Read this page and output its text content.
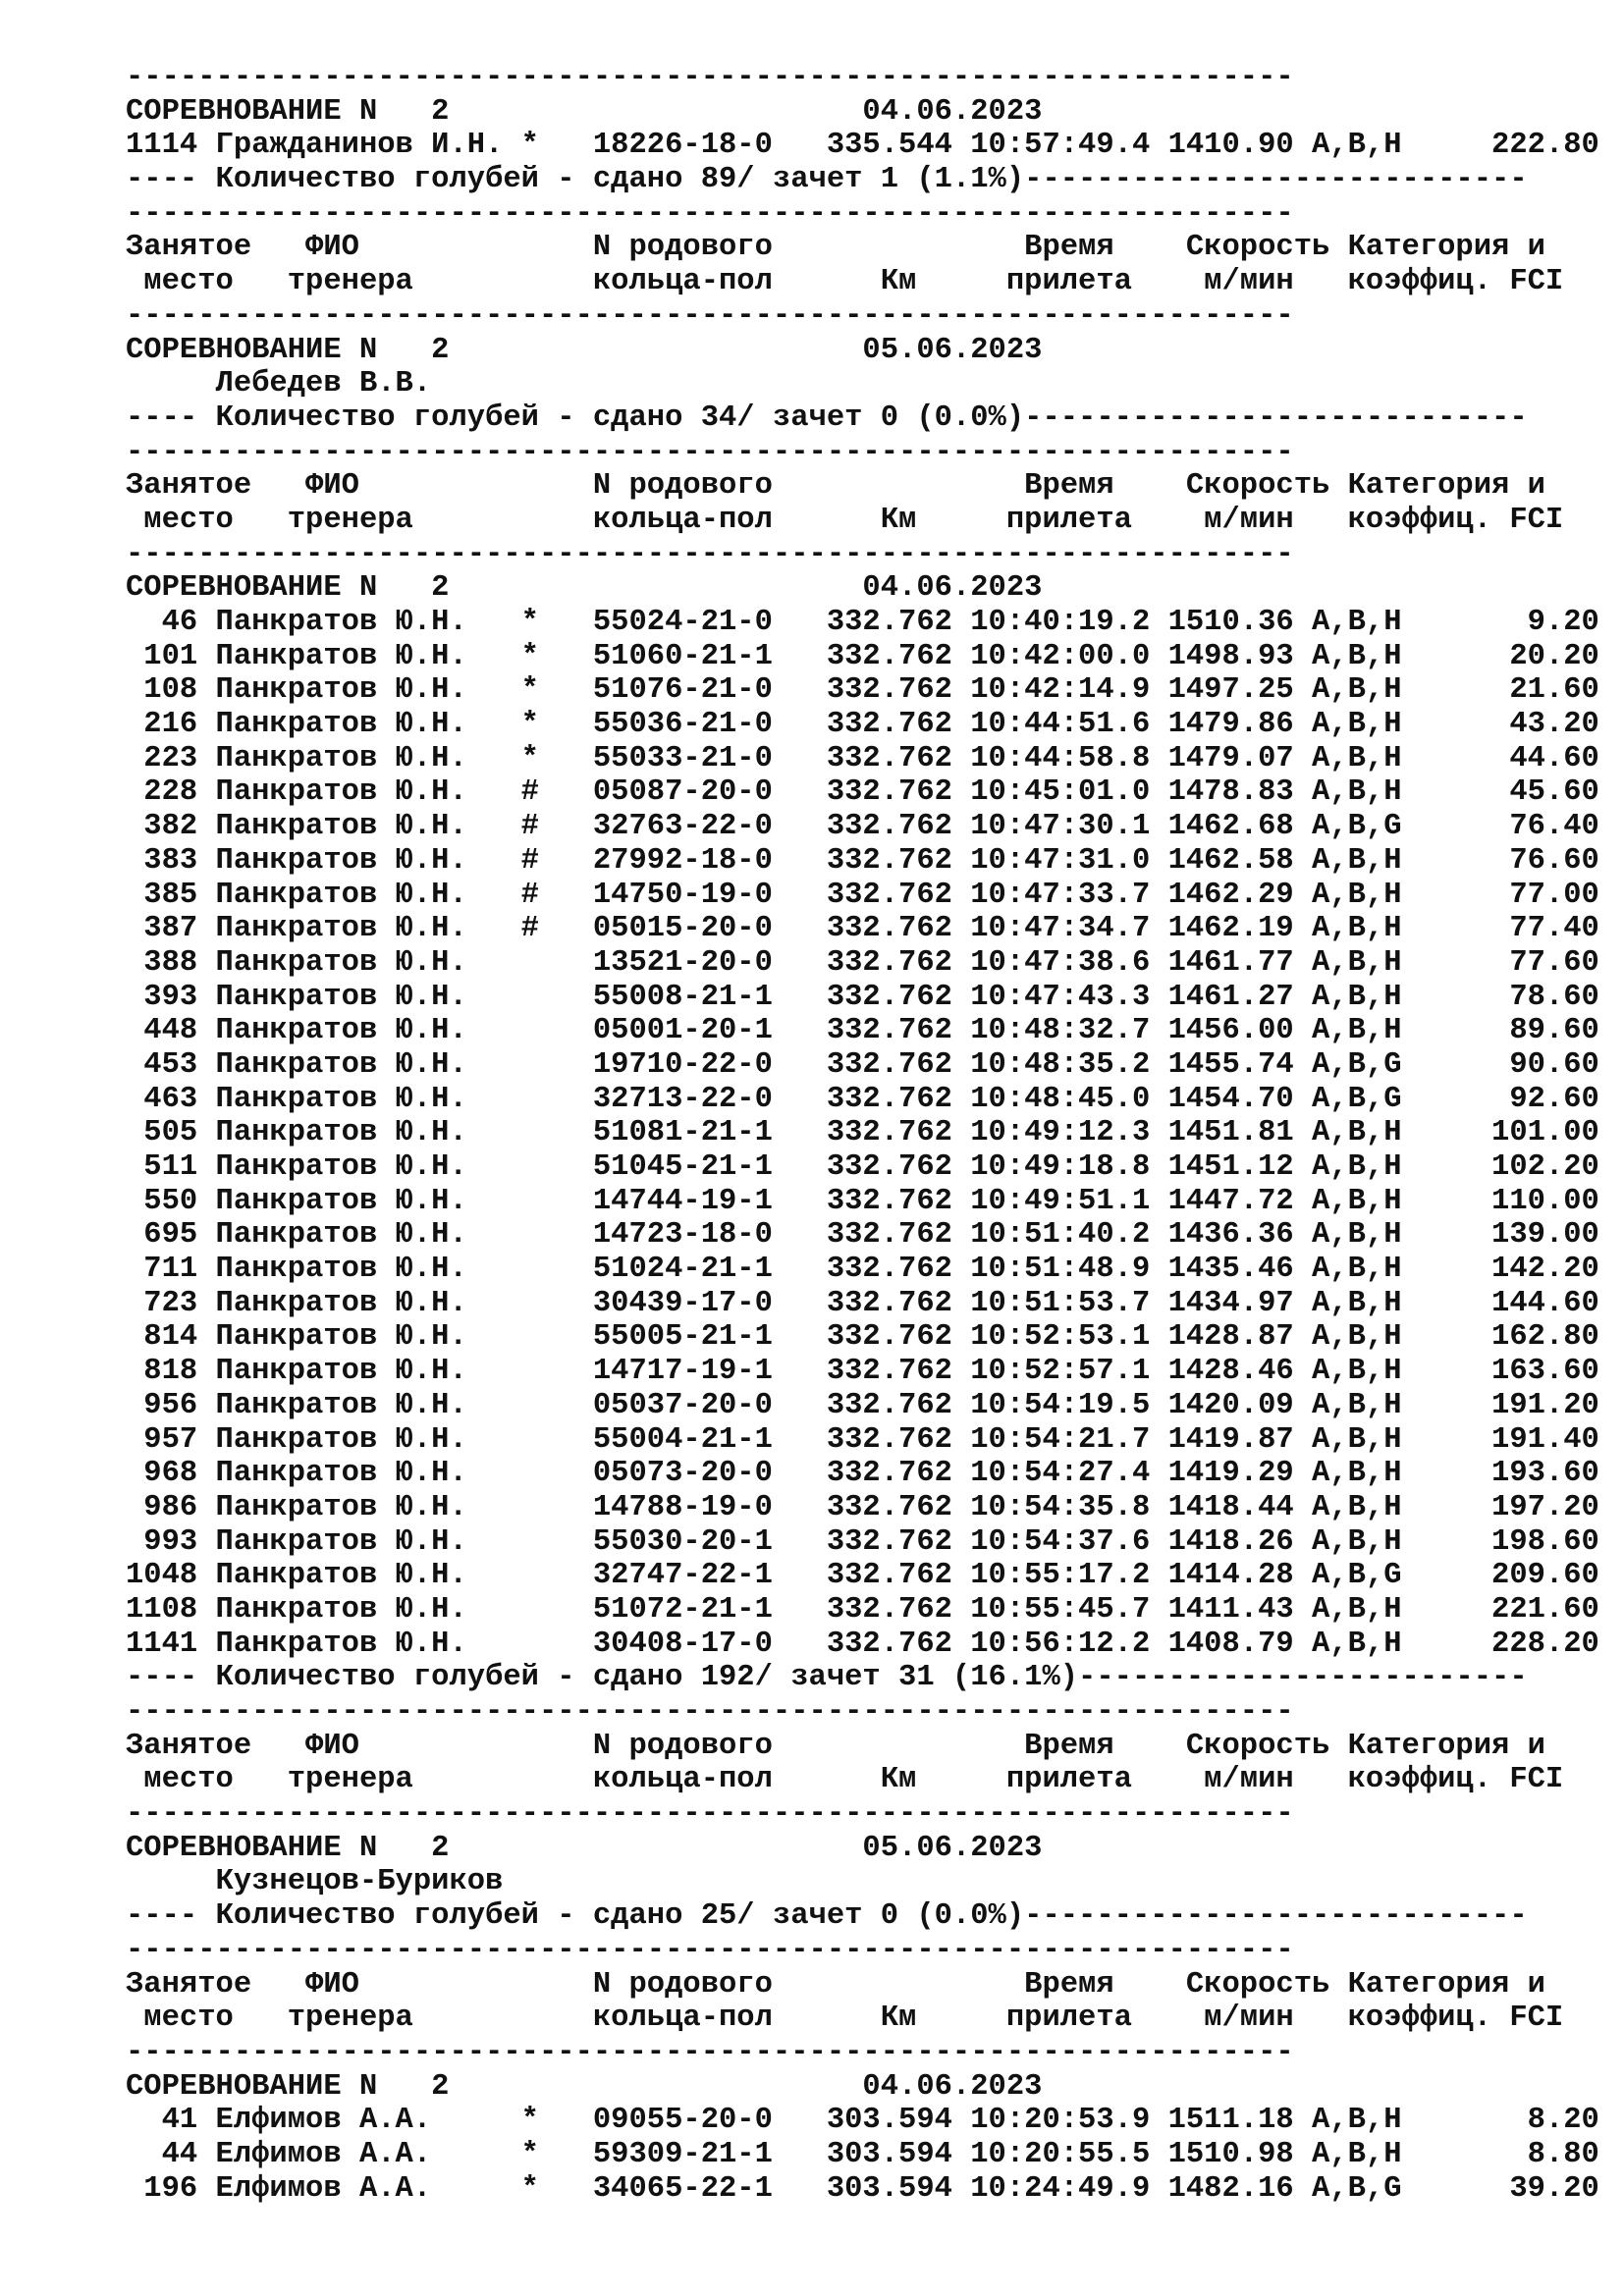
-----------------------------------------------------------------
СОРЕВНОВАНИЕ N   2                       04.06.2023
1114 Гражданинов И.Н. *   18226-18-0   335.544 10:57:49.4 1410.90 A,B,H     222.80
---- Количество голубей - сдано 89/ зачет 1 (1.1%)----------------------------
-----------------------------------------------------------------
Занятое   ФИО             N родового              Время    Скорость Категория и
место   тренера          кольца-пол      Км     прилета    м/мин   коэффиц. FCI
-----------------------------------------------------------------
СОРЕВНОВАНИЕ N   2                       05.06.2023
Лебедев В.В.
---- Количество голубей - сдано 34/ зачет 0 (0.0%)----------------------------
-----------------------------------------------------------------
Занятое   ФИО             N родового              Время    Скорость Категория и
место   тренера          кольца-пол      Км     прилета    м/мин   коэффиц. FCI
-----------------------------------------------------------------
СОРЕВНОВАНИЕ N   2                       04.06.2023
46 Панкратов Ю.Н.   *   55024-21-0   332.762 10:40:19.2 1510.36 A,B,H       9.20
101 Панкратов Ю.Н.   *   51060-21-1   332.762 10:42:00.0 1498.93 A,B,H      20.20
108 Панкратов Ю.Н.   *   51076-21-0   332.762 10:42:14.9 1497.25 A,B,H      21.60
216 Панкратов Ю.Н.   *   55036-21-0   332.762 10:44:51.6 1479.86 A,B,H      43.20
223 Панкратов Ю.Н.   *   55033-21-0   332.762 10:44:58.8 1479.07 A,B,H      44.60
228 Панкратов Ю.Н.   #   05087-20-0   332.762 10:45:01.0 1478.83 A,B,H      45.60
382 Панкратов Ю.Н.   #   32763-22-0   332.762 10:47:30.1 1462.68 A,B,G      76.40
383 Панкратов Ю.Н.   #   27992-18-0   332.762 10:47:31.0 1462.58 A,B,H      76.60
385 Панкратов Ю.Н.   #   14750-19-0   332.762 10:47:33.7 1462.29 A,B,H      77.00
387 Панкратов Ю.Н.   #   05015-20-0   332.762 10:47:34.7 1462.19 A,B,H      77.40
388 Панкратов Ю.Н.       13521-20-0   332.762 10:47:38.6 1461.77 A,B,H      77.60
393 Панкратов Ю.Н.       55008-21-1   332.762 10:47:43.3 1461.27 A,B,H      78.60
448 Панкратов Ю.Н.       05001-20-1   332.762 10:48:32.7 1456.00 A,B,H      89.60
453 Панкратов Ю.Н.       19710-22-0   332.762 10:48:35.2 1455.74 A,B,G      90.60
463 Панкратов Ю.Н.       32713-22-0   332.762 10:48:45.0 1454.70 A,B,G      92.60
505 Панкратов Ю.Н.       51081-21-1   332.762 10:49:12.3 1451.81 A,B,H     101.00
511 Панкратов Ю.Н.       51045-21-1   332.762 10:49:18.8 1451.12 A,B,H     102.20
550 Панкратов Ю.Н.       14744-19-1   332.762 10:49:51.1 1447.72 A,B,H     110.00
695 Панкратов Ю.Н.       14723-18-0   332.762 10:51:40.2 1436.36 A,B,H     139.00
711 Панкратов Ю.Н.       51024-21-1   332.762 10:51:48.9 1435.46 A,B,H     142.20
723 Панкратов Ю.Н.       30439-17-0   332.762 10:51:53.7 1434.97 A,B,H     144.60
814 Панкратов Ю.Н.       55005-21-1   332.762 10:52:53.1 1428.87 A,B,H     162.80
818 Панкратов Ю.Н.       14717-19-1   332.762 10:52:57.1 1428.46 A,B,H     163.60
956 Панкратов Ю.Н.       05037-20-0   332.762 10:54:19.5 1420.09 A,B,H     191.20
957 Панкратов Ю.Н.       55004-21-1   332.762 10:54:21.7 1419.87 A,B,H     191.40
968 Панкратов Ю.Н.       05073-20-0   332.762 10:54:27.4 1419.29 A,B,H     193.60
986 Панкратов Ю.Н.       14788-19-0   332.762 10:54:35.8 1418.44 A,B,H     197.20
993 Панкратов Ю.Н.       55030-20-1   332.762 10:54:37.6 1418.26 A,B,H     198.60
1048 Панкратов Ю.Н.       32747-22-1   332.762 10:55:17.2 1414.28 A,B,G     209.60
1108 Панкратов Ю.Н.       51072-21-1   332.762 10:55:45.7 1411.43 A,B,H     221.60
1141 Панкратов Ю.Н.       30408-17-0   332.762 10:56:12.2 1408.79 A,B,H     228.20
---- Количество голубей - сдано 192/ зачет 31 (16.1%)-------------------------
-----------------------------------------------------------------
Занятое   ФИО             N родового              Время    Скорость Категория и
место   тренера          кольца-пол      Км     прилета    м/мин   коэффиц. FCI
-----------------------------------------------------------------
СОРЕВНОВАНИЕ N   2                       05.06.2023
Кузнецов-Буриков
---- Количество голубей - сдано 25/ зачет 0 (0.0%)----------------------------
-----------------------------------------------------------------
Занятое   ФИО             N родового              Время    Скорость Категория и
место   тренера          кольца-пол      Км     прилета    м/мин   коэффиц. FCI
-----------------------------------------------------------------
СОРЕВНОВАНИЕ N   2                       04.06.2023
41 Елфимов А.А.     *   09055-20-0   303.594 10:20:53.9 1511.18 A,B,H       8.20
44 Елфимов А.А.     *   59309-21-1   303.594 10:20:55.5 1510.98 A,B,H       8.80
196 Елфимов А.А.     *   34065-22-1   303.594 10:24:49.9 1482.16 A,B,G      39.20
